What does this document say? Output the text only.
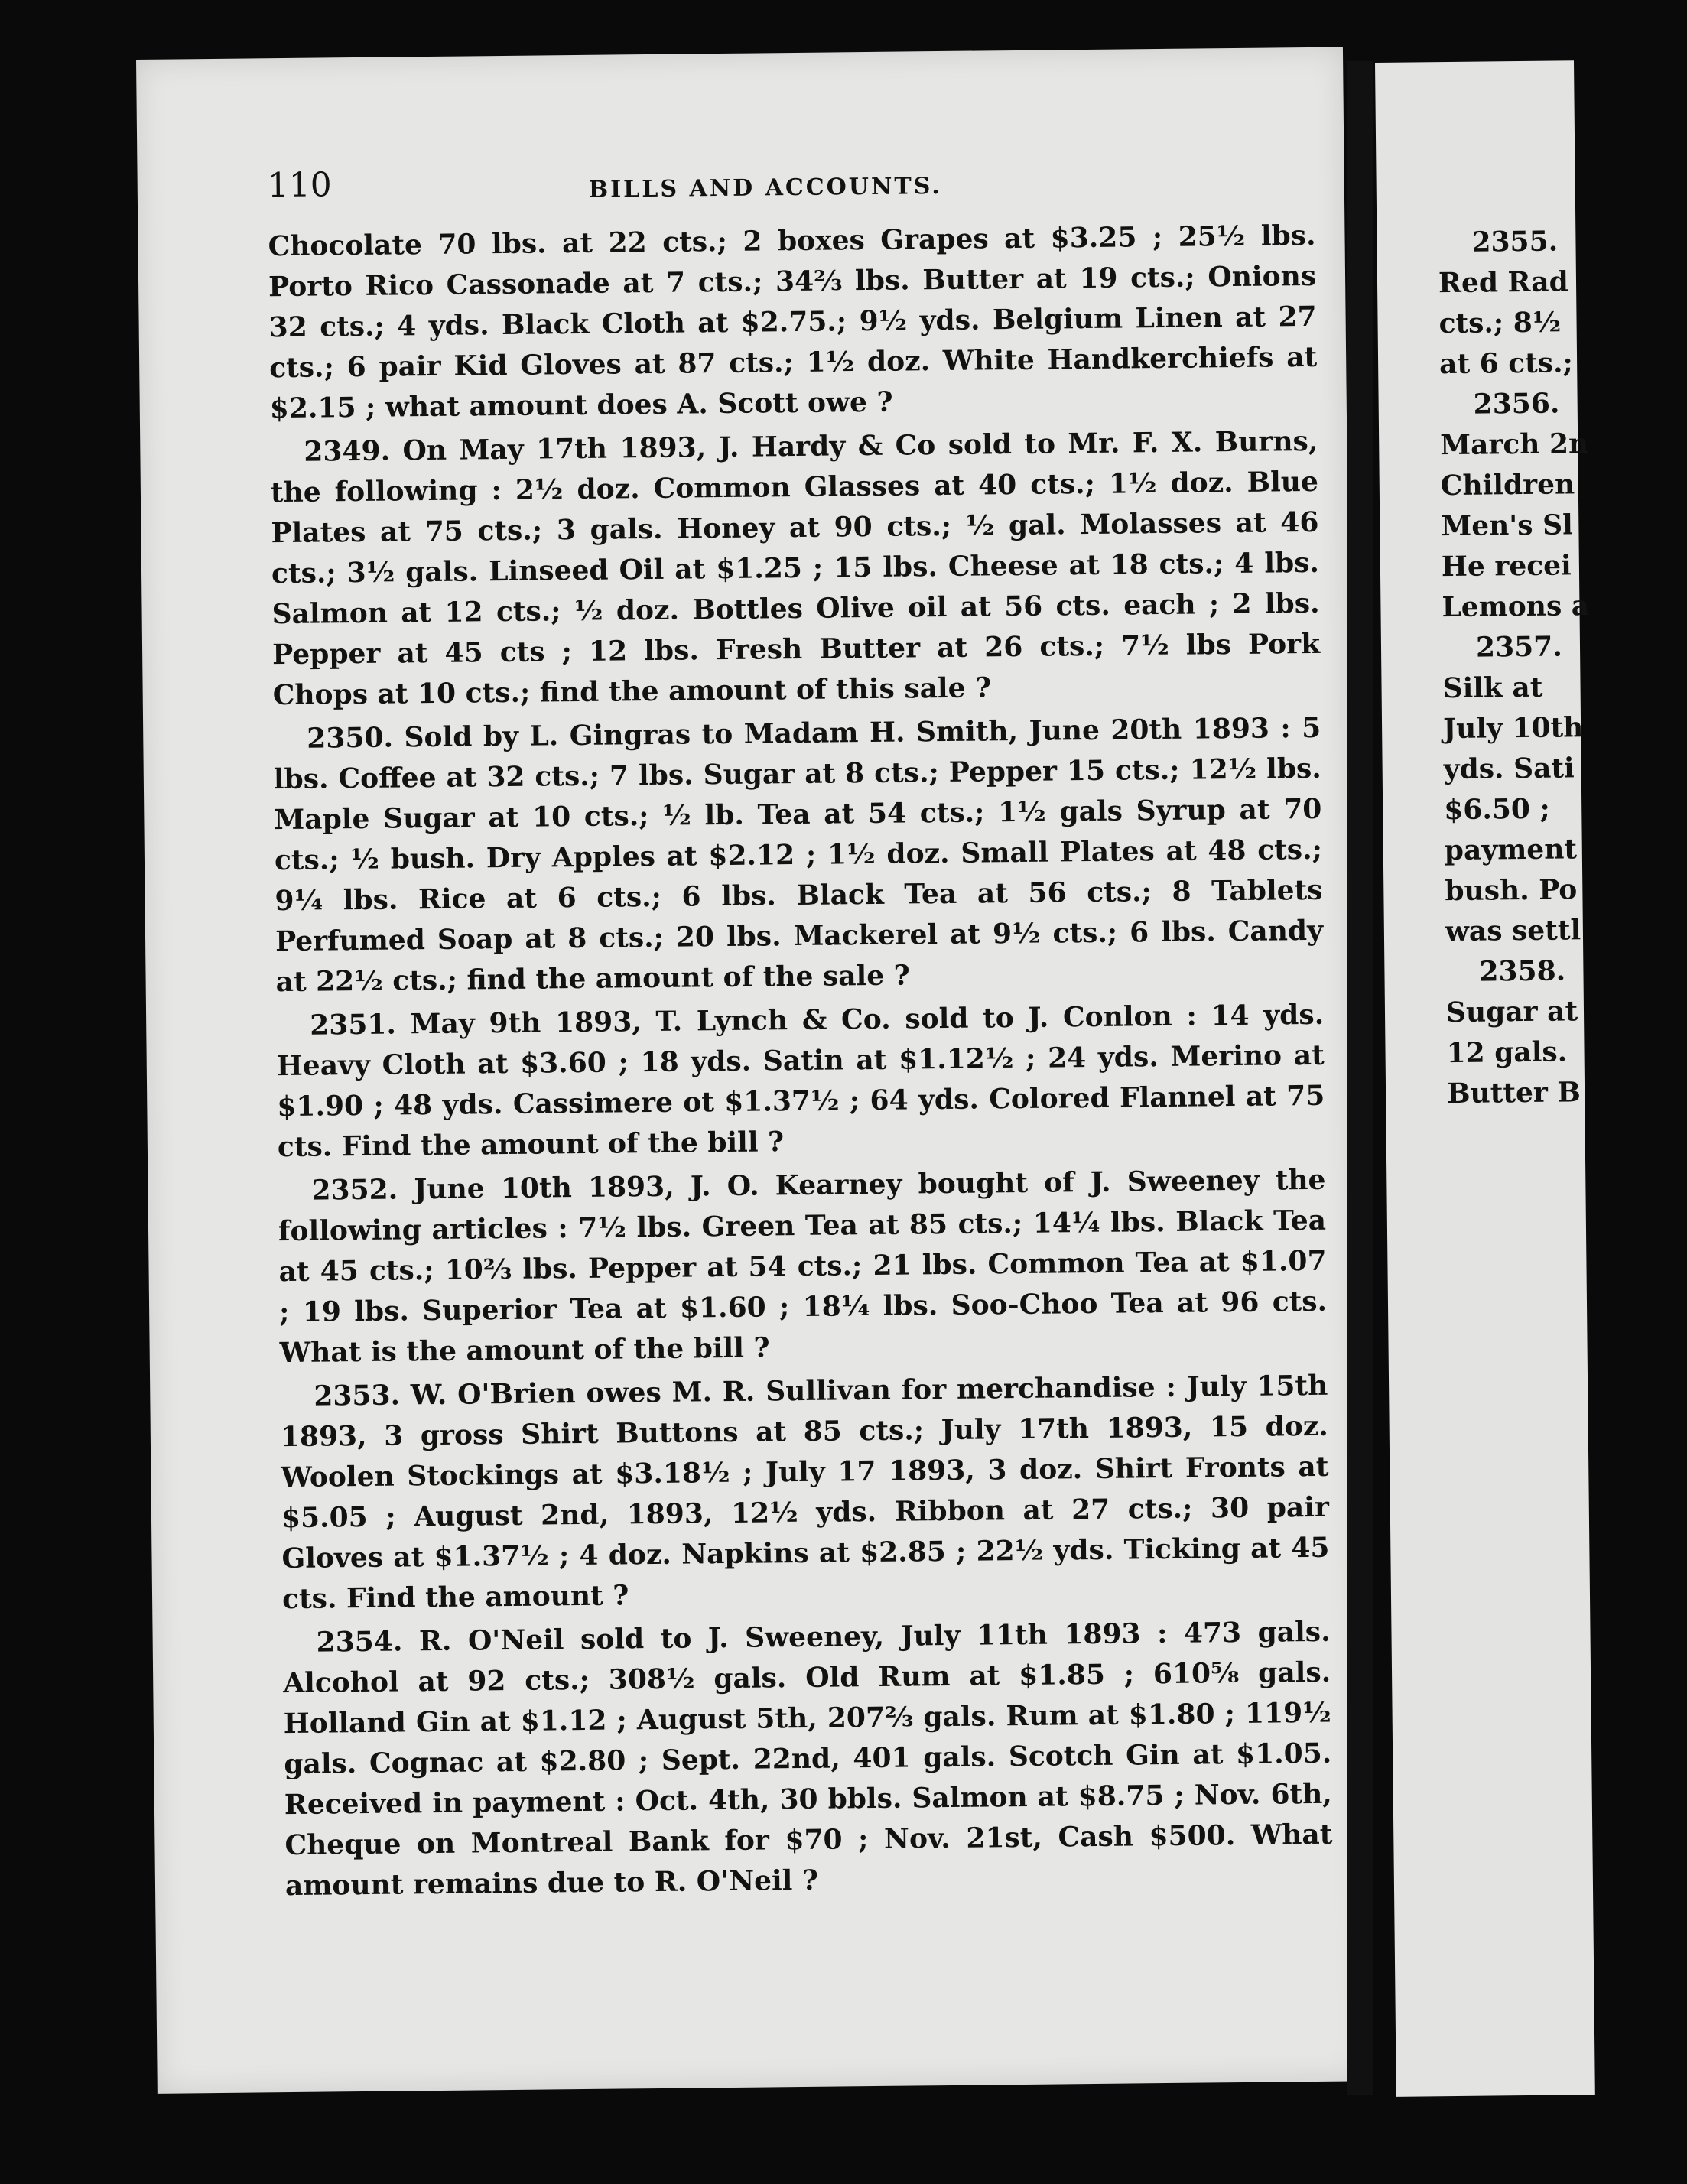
110	BILLS AND ACCOUNTS.

Chocolate 70 lbs. at 22 cts.; 2 boxes Grapes at $3.25 ; 25½ lbs. Porto Rico Cassonade at 7 cts.; 34⅔ lbs. Butter at 19 cts.; Onions 32 cts.; 4 yds. Black Cloth at $2.75.; 9½ yds. Belgium Linen at 27 cts.; 6 pair Kid Gloves at 87 cts.; 1½ doz. White Handkerchiefs at $2.15 ; what amount does A. Scott owe ?

2349. On May 17th 1893, J. Hardy & Co sold to Mr. F. X. Burns, the following : 2½ doz. Common Glasses at 40 cts.; 1½ doz. Blue Plates at 75 cts.; 3 gals. Honey at 90 cts.; ½ gal. Molasses at 46 cts.; 3½ gals. Linseed Oil at $1.25 ; 15 lbs. Cheese at 18 cts.; 4 lbs. Salmon at 12 cts.; ½ doz. Bottles Olive oil at 56 cts. each ; 2 lbs. Pepper at 45 cts ; 12 lbs. Fresh Butter at 26 cts.; 7½ lbs Pork Chops at 10 cts.; find the amount of this sale ?

2350. Sold by L. Gingras to Madam H. Smith, June 20th 1893 : 5 lbs. Coffee at 32 cts.; 7 lbs. Sugar at 8 cts.; Pepper 15 cts.; 12½ lbs. Maple Sugar at 10 cts.; ½ lb. Tea at 54 cts.; 1½ gals Syrup at 70 cts.; ½ bush. Dry Apples at $2.12 ; 1½ doz. Small Plates at 48 cts.; 9¼ lbs. Rice at 6 cts.; 6 lbs. Black Tea at 56 cts.; 8 Tablets Perfumed Soap at 8 cts.; 20 lbs. Mackerel at 9½ cts.; 6 lbs. Candy at 22½ cts.; find the amount of the sale ?

2351. May 9th 1893, T. Lynch & Co. sold to J. Conlon : 14 yds. Heavy Cloth at $3.60 ; 18 yds. Satin at $1.12½ ; 24 yds. Merino at $1.90 ; 48 yds. Cassimere ot $1.37½ ; 64 yds. Colored Flannel at 75 cts. Find the amount of the bill ?

2352. June 10th 1893, J. O. Kearney bought of J. Sweeney the following articles : 7½ lbs. Green Tea at 85 cts.; 14¼ lbs. Black Tea at 45 cts.; 10⅔ lbs. Pepper at 54 cts.; 21 lbs. Common Tea at $1.07 ; 19 lbs. Superior Tea at $1.60 ; 18¼ lbs. Soo-Choo Tea at 96 cts. What is the amount of the bill ?

2353. W. O'Brien owes M. R. Sullivan for merchandise : July 15th 1893, 3 gross Shirt Buttons at 85 cts.; July 17th 1893, 15 doz. Woolen Stockings at $3.18½ ; July 17 1893, 3 doz. Shirt Fronts at $5.05 ; August 2nd, 1893, 12½ yds. Ribbon at 27 cts.; 30 pair Gloves at $1.37½ ; 4 doz. Napkins at $2.85 ; 22½ yds. Ticking at 45 cts. Find the amount ?

2354. R. O'Neil sold to J. Sweeney, July 11th 1893 : 473 gals. Alcohol at 92 cts.; 308½ gals. Old Rum at $1.85 ; 610⅝ gals. Holland Gin at $1.12 ; August 5th, 207⅔ gals. Rum at $1.80 ; 119½ gals. Cognac at $2.80 ; Sept. 22nd, 401 gals. Scotch Gin at $1.05. Received in payment : Oct. 4th, 30 bbls. Salmon at $8.75 ; Nov. 6th, Cheque on Montreal Bank for $70 ; Nov. 21st, Cash $500. What amount remains due to R. O'Neil ?

2355.
Red Rad
cts.; 8½
at 6 cts.;
2356.
March 2n
Children
Men's Sl
He recei
Lemons a
2357.
Silk at
July 10th
yds. Sati
$6.50 ;
payment
bush. Po
was settl
2358.
Sugar at
12 gals.
Butter B
